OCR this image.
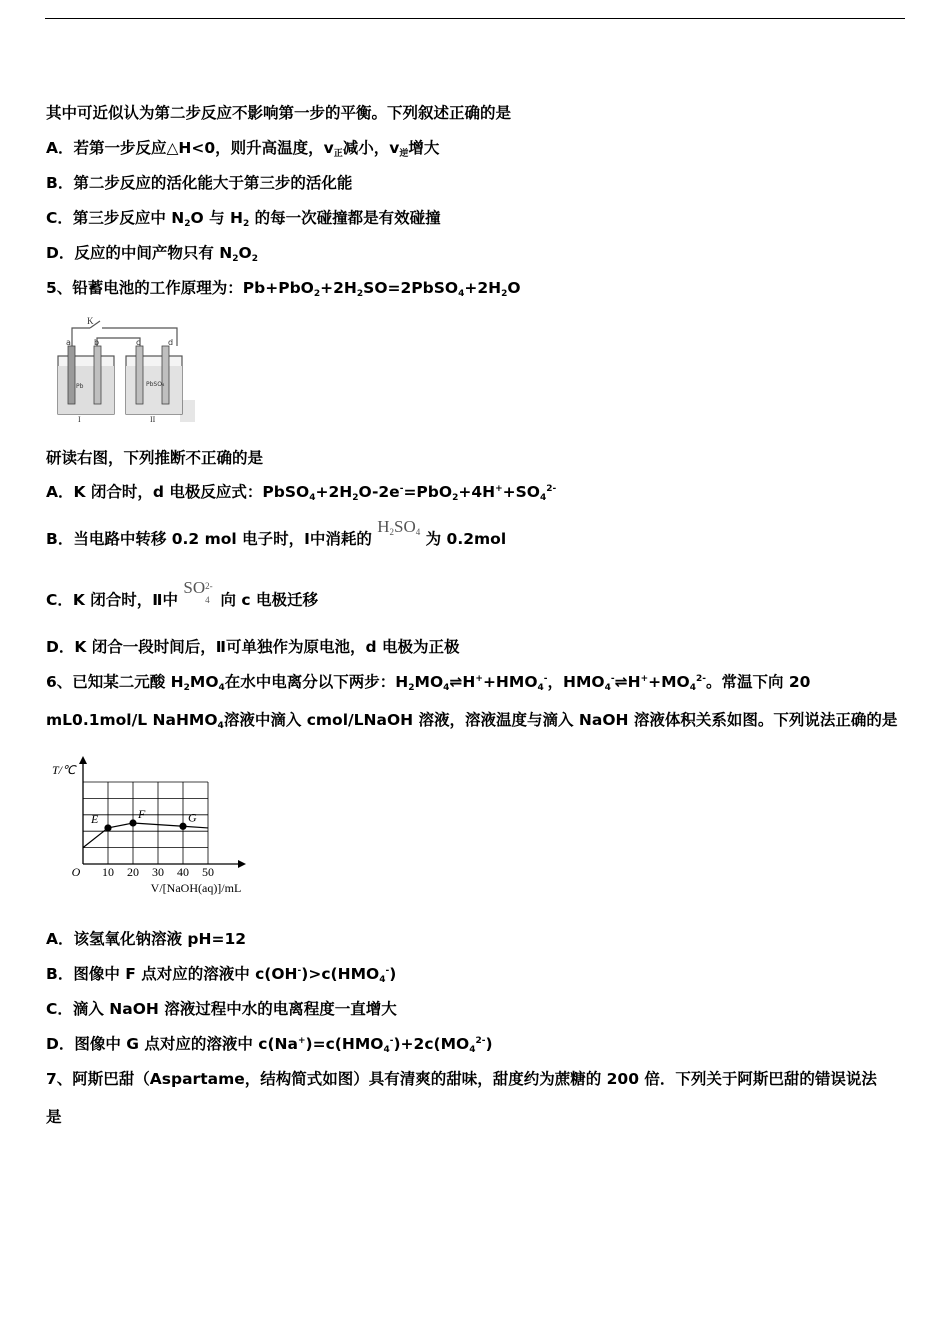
其中可近似认为第二步反应不影响第一步的平衡。下列叙述正确的是
A．若第一步反应△H<0，则升高温度，$v_正$减小，$v_逆$增大
B．第二步反应的活化能大于第三步的活化能
C．第三步反应中 $N_2O$ 与 $H_2$ 的每一次碰撞都是有效碰撞
D．反应的中间产物只有 $N_2O_2$
5、铅蓄电池的工作原理为：$Pb+PbO_2+2H_2SO=2PbSO_4+2H_2O$
K
a	b
Pb
I
c	d
PbSO₄
II
研读右图，下列推断不正确的是
A．K 闭合时，d 电极反应式：$PbSO_4+2H_2O-2e^-=PbO_2+4H^++SO_4^{2-}$
B．当电路中转移 0.2 mol 电子时，Ⅰ中消耗的 $H_2SO_4$ 为 0.2mol
C．K 闭合时，Ⅱ中 SO 2-
4 向 c 电极迁移
D．K 闭合一段时间后，Ⅱ可单独作为原电池，d 电极为正极
6、已知某二元酸 $H_2MO_4$在水中电离分以下两步：$H_2MO_4\rightleftharpoons H^++HMO_4^-$，$HMO_4^-\rightleftharpoons H^++MO_4^{2-}$。常温下向 20
mL0.1mol/L NaHMO$_4$溶液中滴入 cmol/LNaOH 溶液，溶液温度与滴入 NaOH 溶液体积关系如图。下列说法正确的是
T/℃
O 10 20 30 40 50
V/[NaOH(aq)]/mL
E	F	G
A．该氢氧化钠溶液 pH=12
B．图像中 F 点对应的溶液中 $c(OH^-)>c(HMO_4^-)$
C．滴入 NaOH 溶液过程中水的电离程度一直增大
D．图像中 G 点对应的溶液中 $c(Na^+)=c(HMO_4^-)+2c(MO_4^{2-})$
7、阿斯巴甜（Aspartame，结构简式如图）具有清爽的甜味，甜度约为蔗糖的 200 倍．下列关于阿斯巴甜的错误说法
是
